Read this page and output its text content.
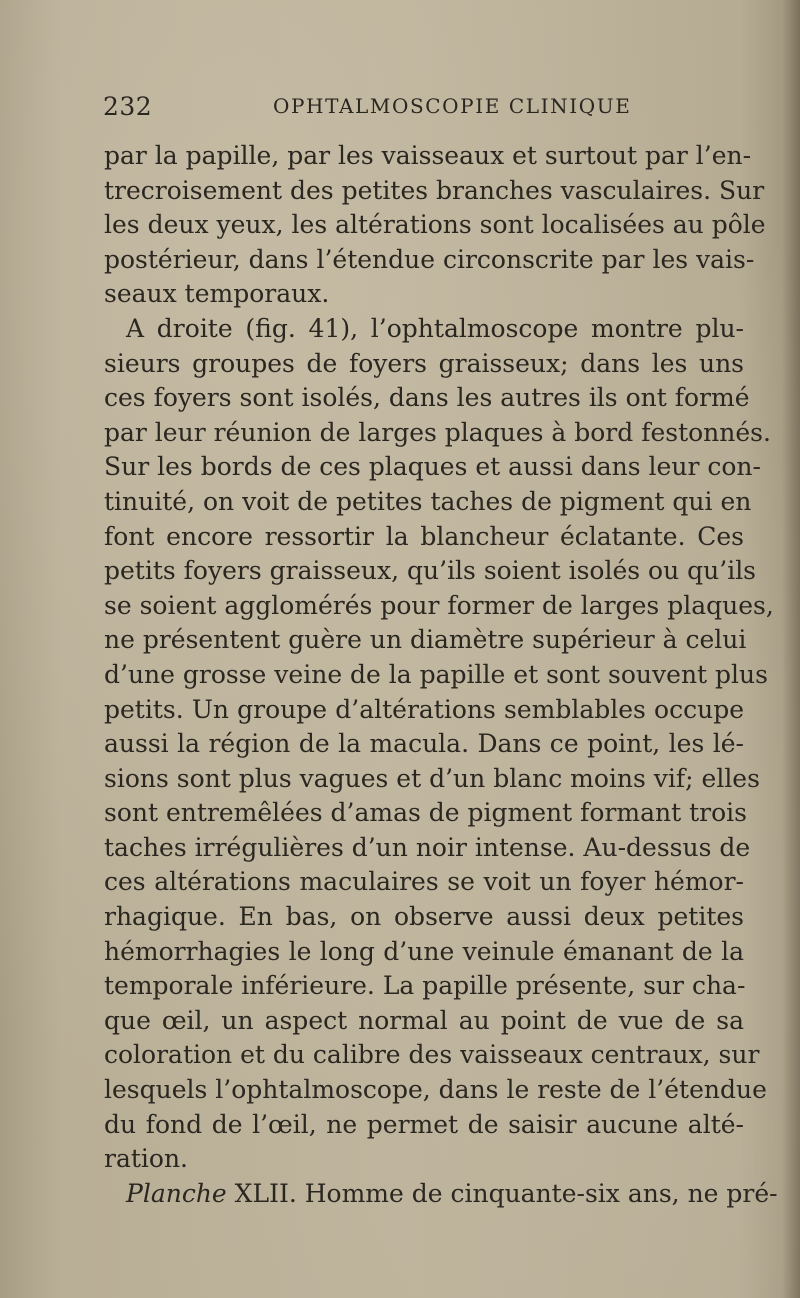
232	OPHTALMOSCOPIE CLINIQUE
par la papille, par les vaisseaux et surtout par l’en-
trecroisement des petites branches vasculaires. Sur
les deux yeux, les altérations sont localisées au pôle
postérieur, dans l’étendue circonscrite par les vais-
seaux temporaux.
A droite (fig. 41), l’ophtalmoscope montre plu-
sieurs groupes de foyers graisseux; dans les uns
ces foyers sont isolés, dans les autres ils ont formé
par leur réunion de larges plaques à bord festonnés.
Sur les bords de ces plaques et aussi dans leur con-
tinuité, on voit de petites taches de pigment qui en
font encore ressortir la blancheur éclatante. Ces
petits foyers graisseux, qu’ils soient isolés ou qu’ils
se soient agglomérés pour former de larges plaques,
ne présentent guère un diamètre supérieur à celui
d’une grosse veine de la papille et sont souvent plus
petits. Un groupe d’altérations semblables occupe
aussi la région de la macula. Dans ce point, les lé-
sions sont plus vagues et d’un blanc moins vif; elles
sont entremêlées d’amas de pigment formant trois
taches irrégulières d’un noir intense. Au-dessus de
ces altérations maculaires se voit un foyer hémor-
rhagique. En bas, on observe aussi deux petites
hémorrhagies le long d’une veinule émanant de la
temporale inférieure. La papille présente, sur cha-
que œil, un aspect normal au point de vue de sa
coloration et du calibre des vaisseaux centraux, sur
lesquels l’ophtalmoscope, dans le reste de l’étendue
du fond de l’œil, ne permet de saisir aucune alté-
ration.
Planche XLII. Homme de cinquante-six ans, ne pré-
